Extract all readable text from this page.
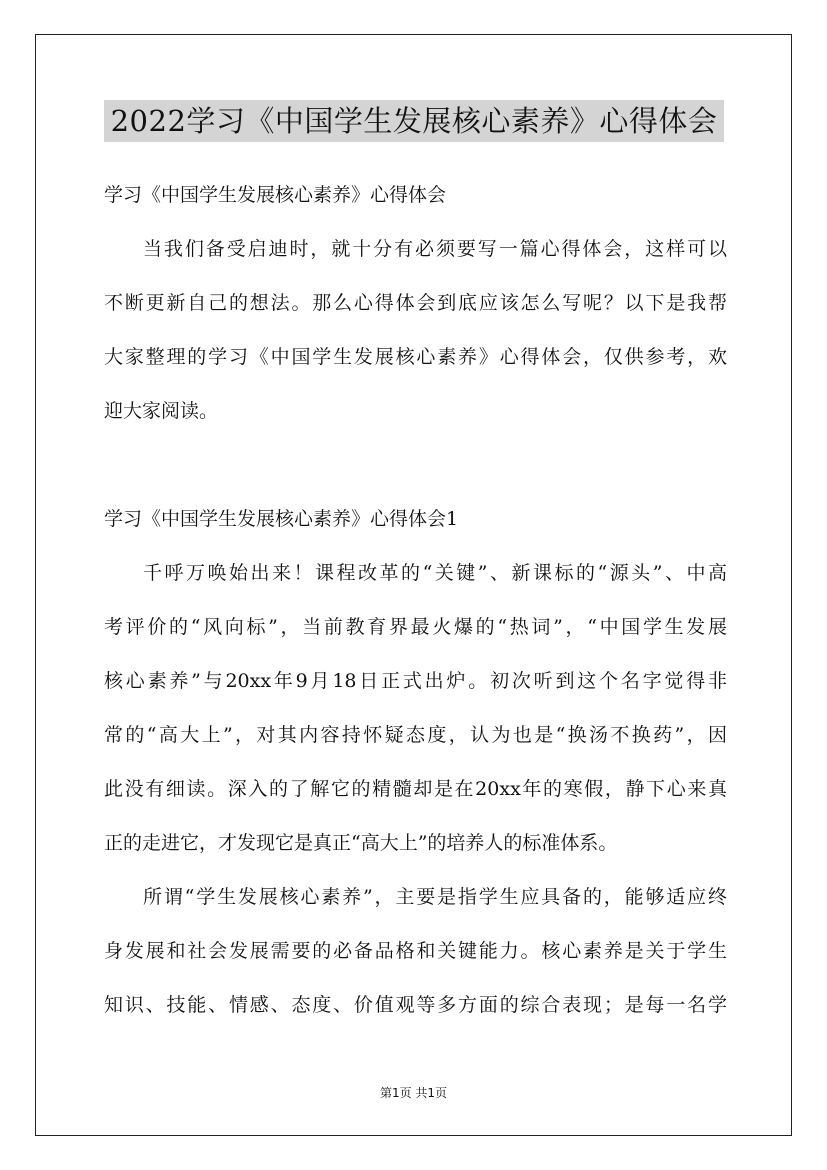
2022学习《中国学生发展核心素养》心得体会
学习《中国学生发展核心素养》心得体会
当我们备受启迪时，就十分有必须要写一篇心得体会，这样可以
不断更新自己的想法。那么心得体会到底应该怎么写呢？以下是我帮
大家整理的学习《中国学生发展核心素养》心得体会，仅供参考，欢
迎大家阅读。
学习《中国学生发展核心素养》心得体会1
千呼万唤始出来！课程改革的“关键”、新课标的“源头”、中高
考评价的“风向标”，当前教育界最火爆的“热词”，“中国学生发展
核心素养”与20xx年9月18日正式出炉。初次听到这个名字觉得非
常的“高大上”，对其内容持怀疑态度，认为也是“换汤不换药”，因
此没有细读。深入的了解它的精髓却是在20xx年的寒假，静下心来真
正的走进它，才发现它是真正“高大上”的培养人的标准体系。
所谓“学生发展核心素养”，主要是指学生应具备的，能够适应终
身发展和社会发展需要的必备品格和关键能力。核心素养是关于学生
知识、技能、情感、态度、价值观等多方面的综合表现；是每一名学
第1页 共1页
